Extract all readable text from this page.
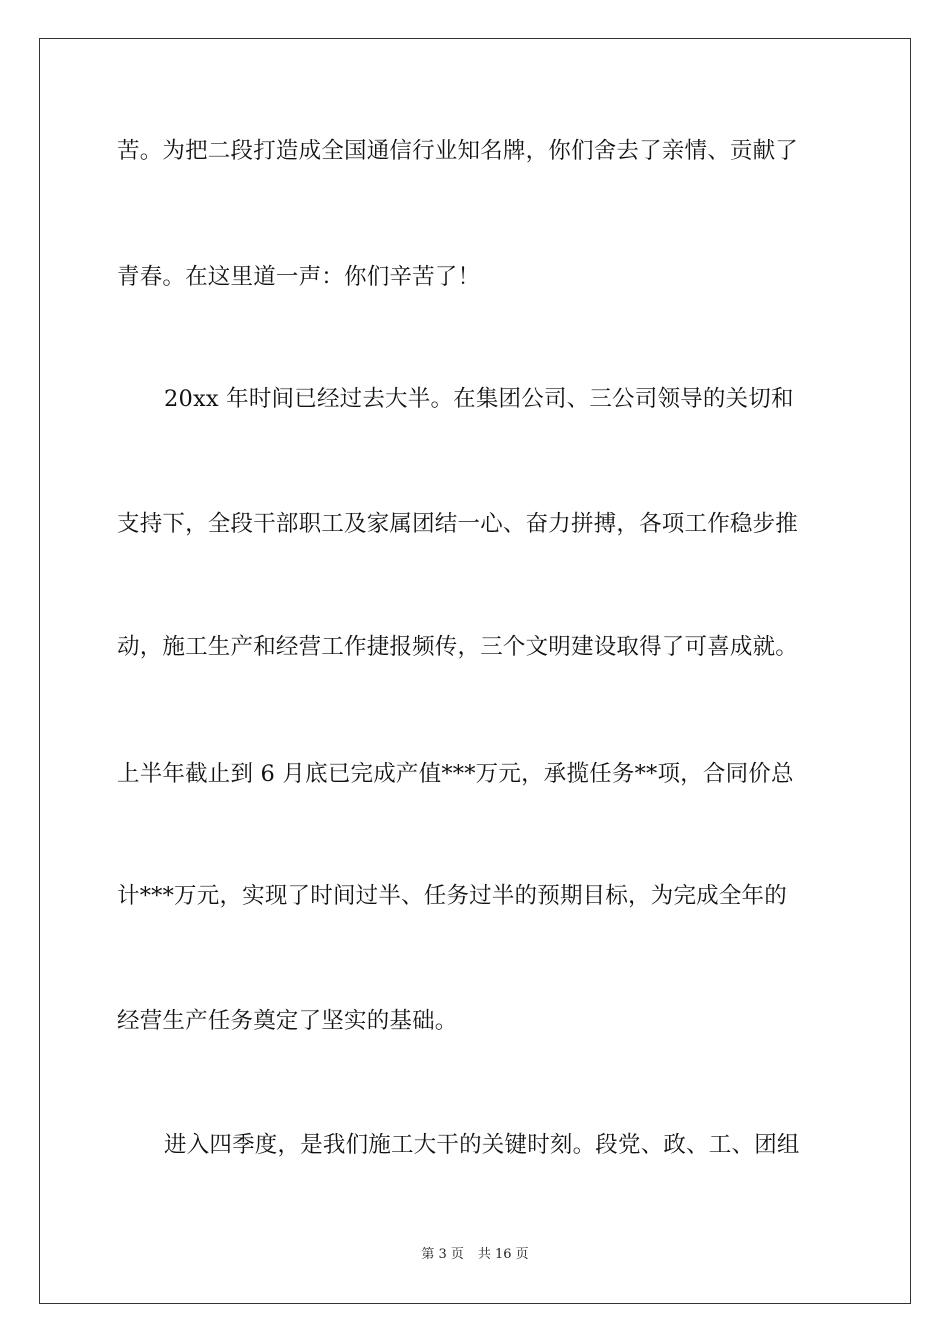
苦。为把二段打造成全国通信行业知名牌，你们舍去了亲情、贡献了
青春。在这里道一声：你们辛苦了！
20xx 年时间已经过去大半。在集团公司、三公司领导的关切和
支持下，全段干部职工及家属团结一心、奋力拼搏，各项工作稳步推
动，施工生产和经营工作捷报频传，三个文明建设取得了可喜成就。
上半年截止到 6 月底已完成产值***万元，承揽任务**项，合同价总
计***万元，实现了时间过半、任务过半的预期目标，为完成全年的
经营生产任务奠定了坚实的基础。
进入四季度，是我们施工大干的关键时刻。段党、政、工、团组
第 3 页 共 16 页
